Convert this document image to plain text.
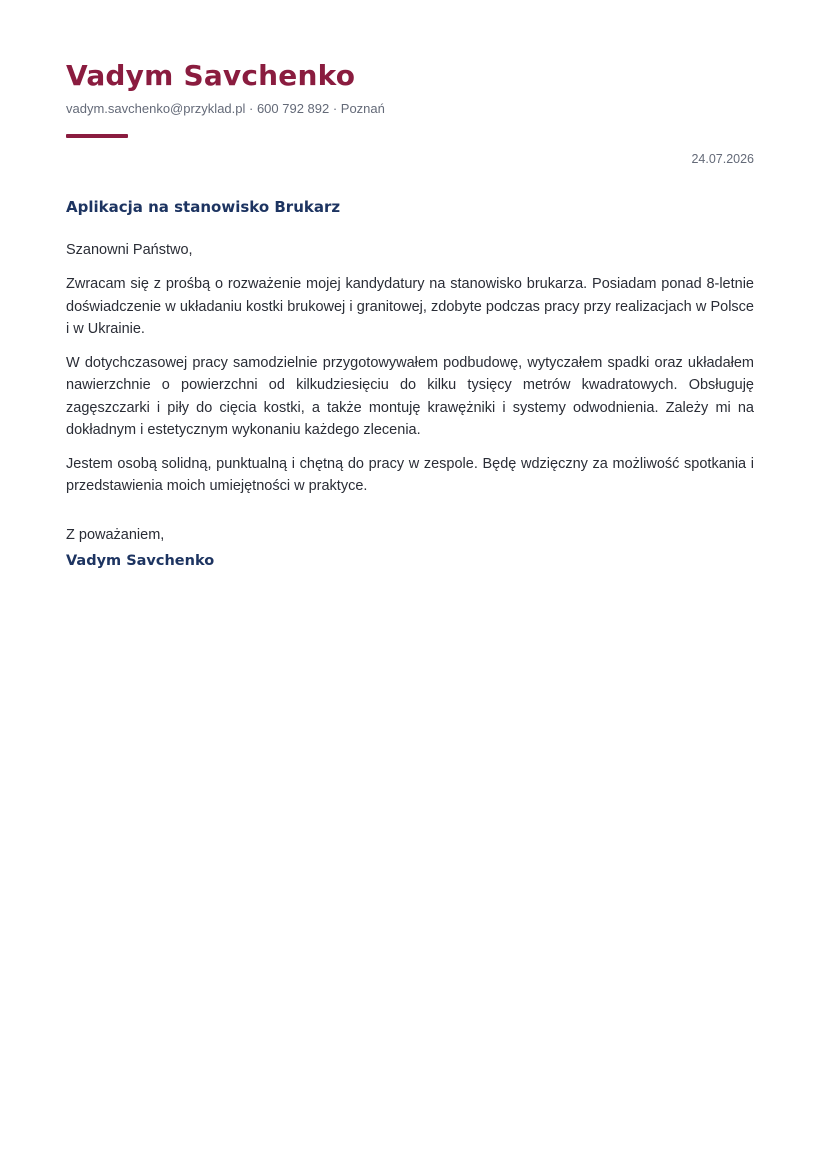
Vadym Savchenko
vadym.savchenko@przyklad.pl · 600 792 892 · Poznań
24.07.2026
Aplikacja na stanowisko Brukarz
Szanowni Państwo,

Zwracam się z prośbą o rozważenie mojej kandydatury na stanowisko brukarza. Posiadam ponad 8-letnie doświadczenie w układaniu kostki brukowej i granitowej, zdobyte podczas pracy przy realizacjach w Polsce i w Ukrainie.

W dotychczasowej pracy samodzielnie przygotowywałem podbudowę, wytyczałem spadki oraz układałem nawierzchnie o powierzchni od kilkudziesięciu do kilku tysięcy metrów kwadratowych. Obsługuję zagęszczarki i piły do cięcia kostki, a także montuję krawężniki i systemy odwodnienia. Zależy mi na dokładnym i estetycznym wykonaniu każdego zlecenia.

Jestem osobą solidną, punktualną i chętną do pracy w zespole. Będę wdzięczny za możliwość spotkania i przedstawienia moich umiejętności w praktyce.

Z poważaniem,
Vadym Savchenko
